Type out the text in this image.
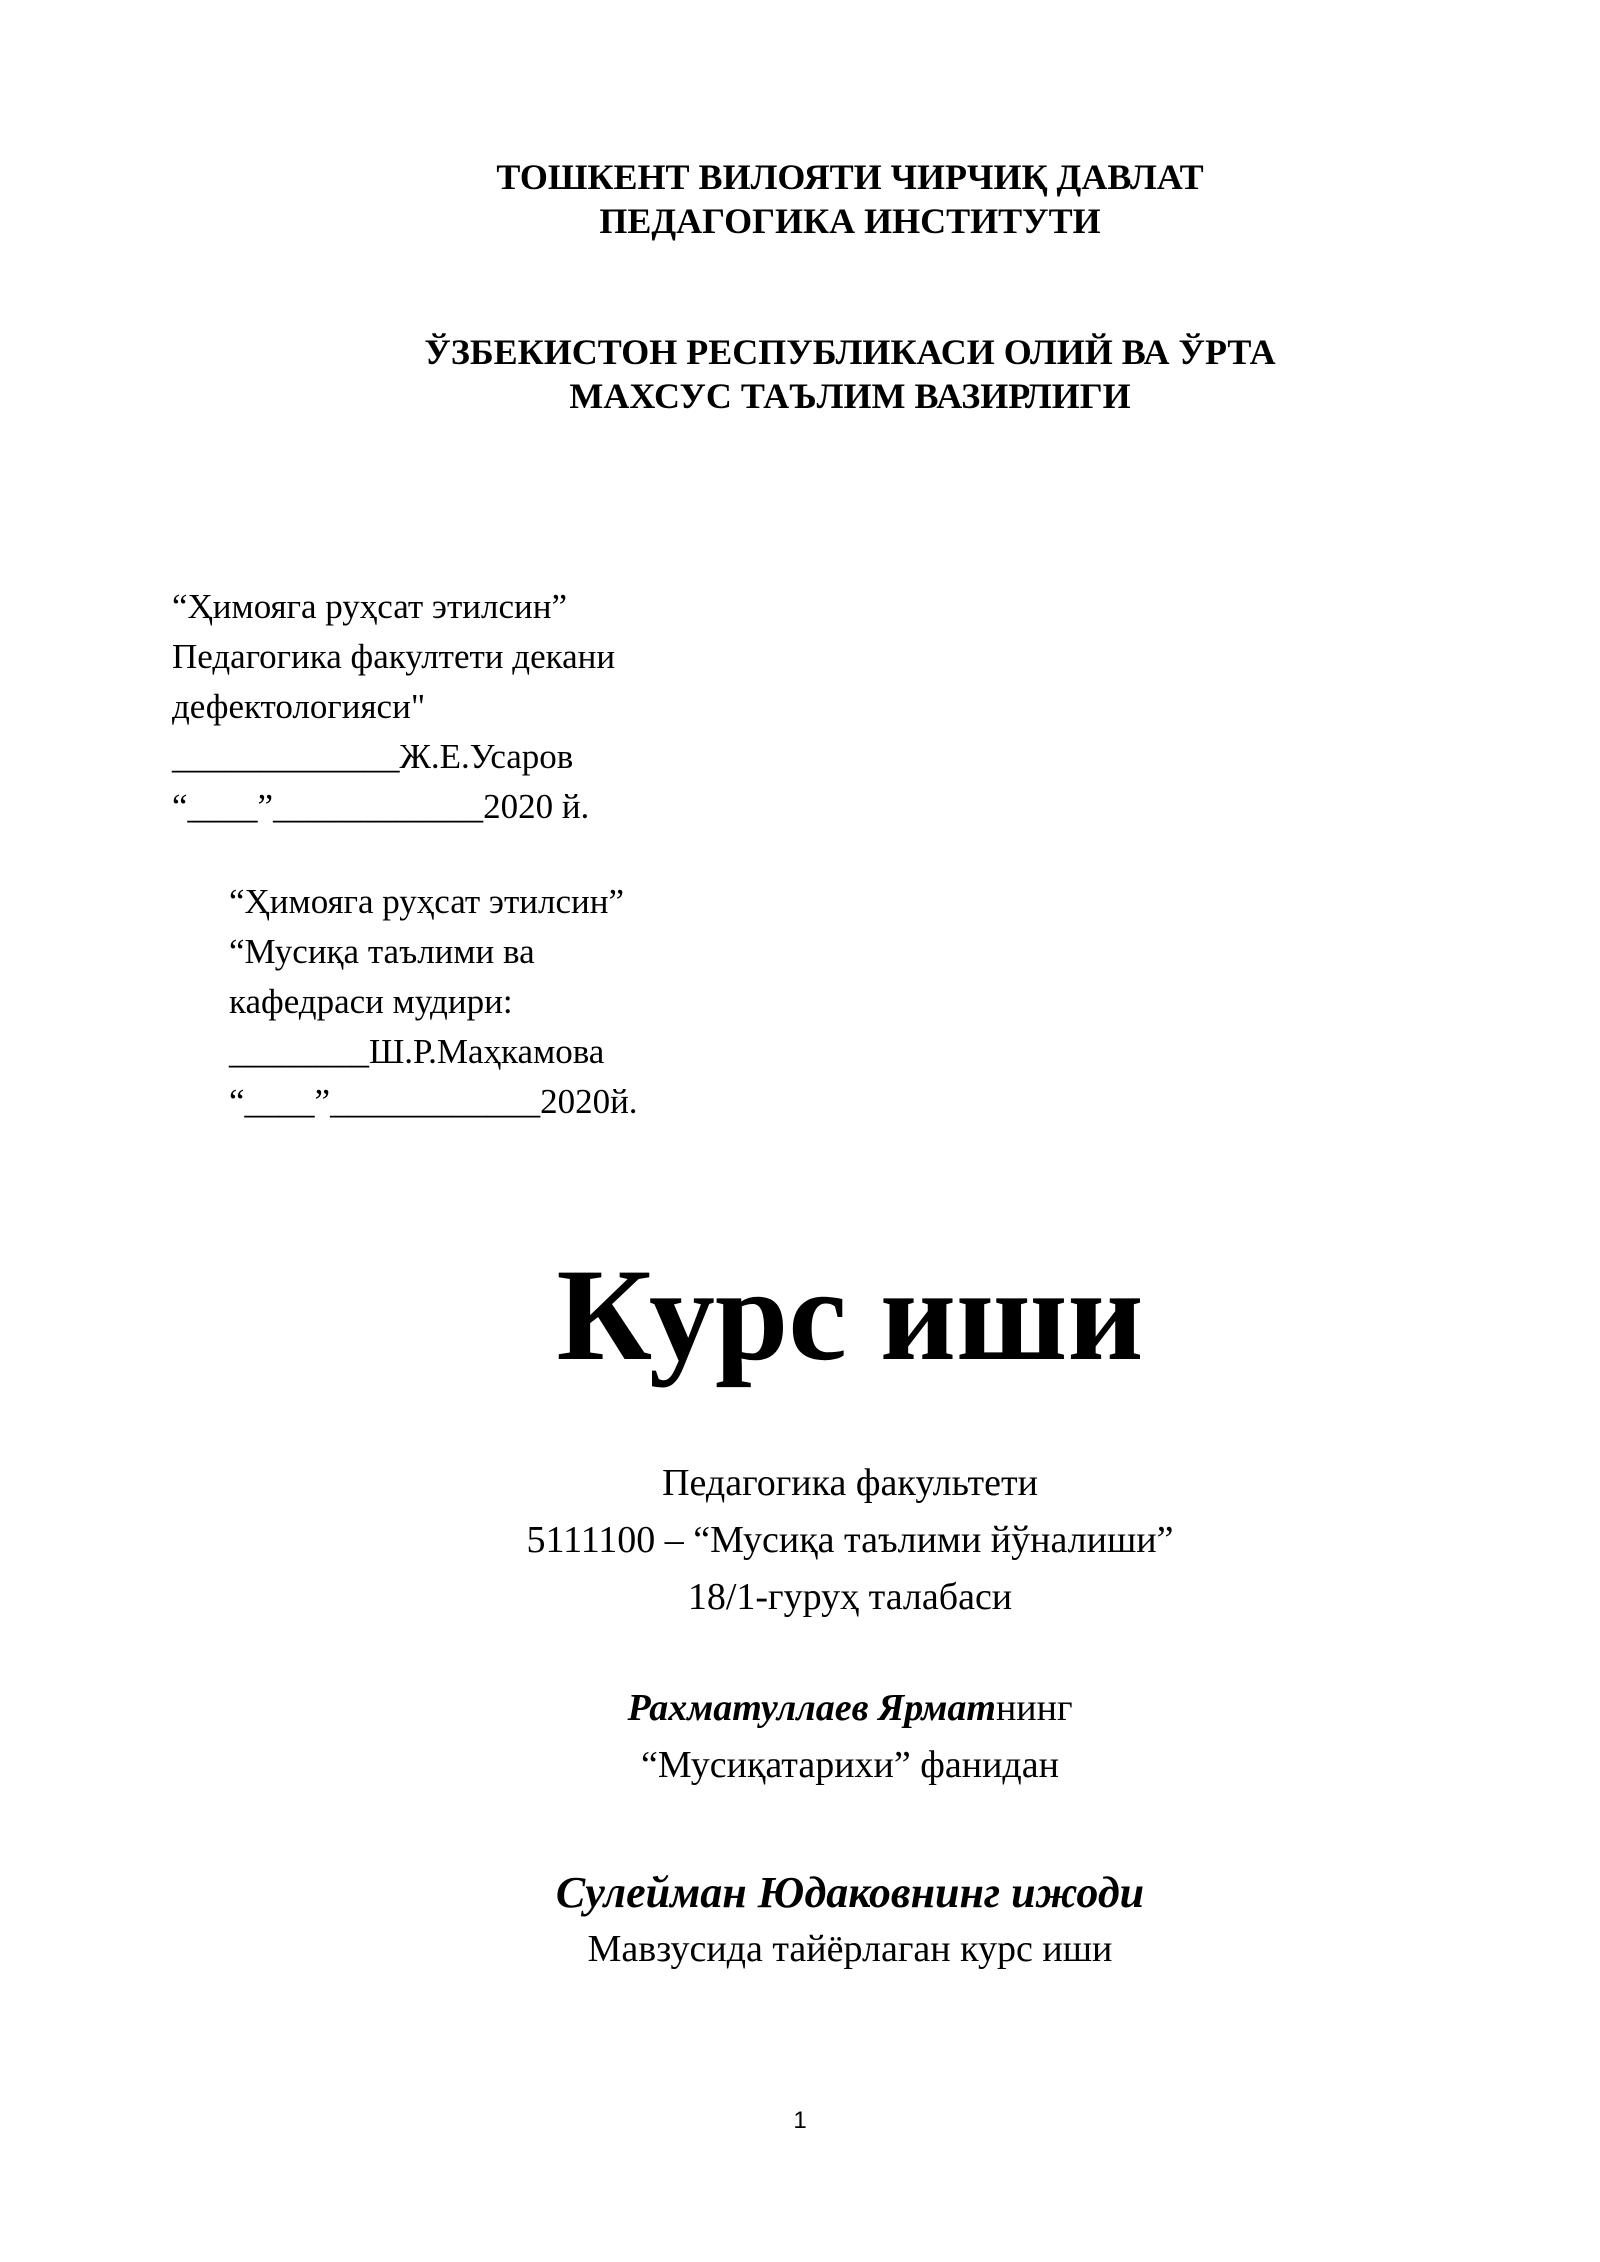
ТОШКЕНТ ВИЛОЯТИ ЧИРЧИҚ ДАВЛАТ
ПЕДАГОГИКА ИНСТИТУТИ
ЎЗБЕКИСТОН РЕСПУБЛИКАСИ ОЛИЙ ВА ЎРТА
МАХСУС ТАЪЛИМ ВАЗИРЛИГИ
“Ҳимояга руҳсат этилсин”
Педагогика факултети декани
дефектологияси"
_____________Ж.Е.Усаров
“____”____________2020 й.
“Ҳимояга руҳсат этилсин”
“Мусиқа таълими ва
кафедраси мудири:
________Ш.Р.Маҳкамова
“____”____________2020й.
Курс иши
Педагогика факультети
5111100 – “Мусиқа таълими йўналиши”
18/1-гуруҳ талабаси
Рахматуллаев Ярматнинг
“Мусиқатарихи” фанидан
Сулейман Юдаковнинг ижоди
Мавзусида тайёрлаган курс иши
1
